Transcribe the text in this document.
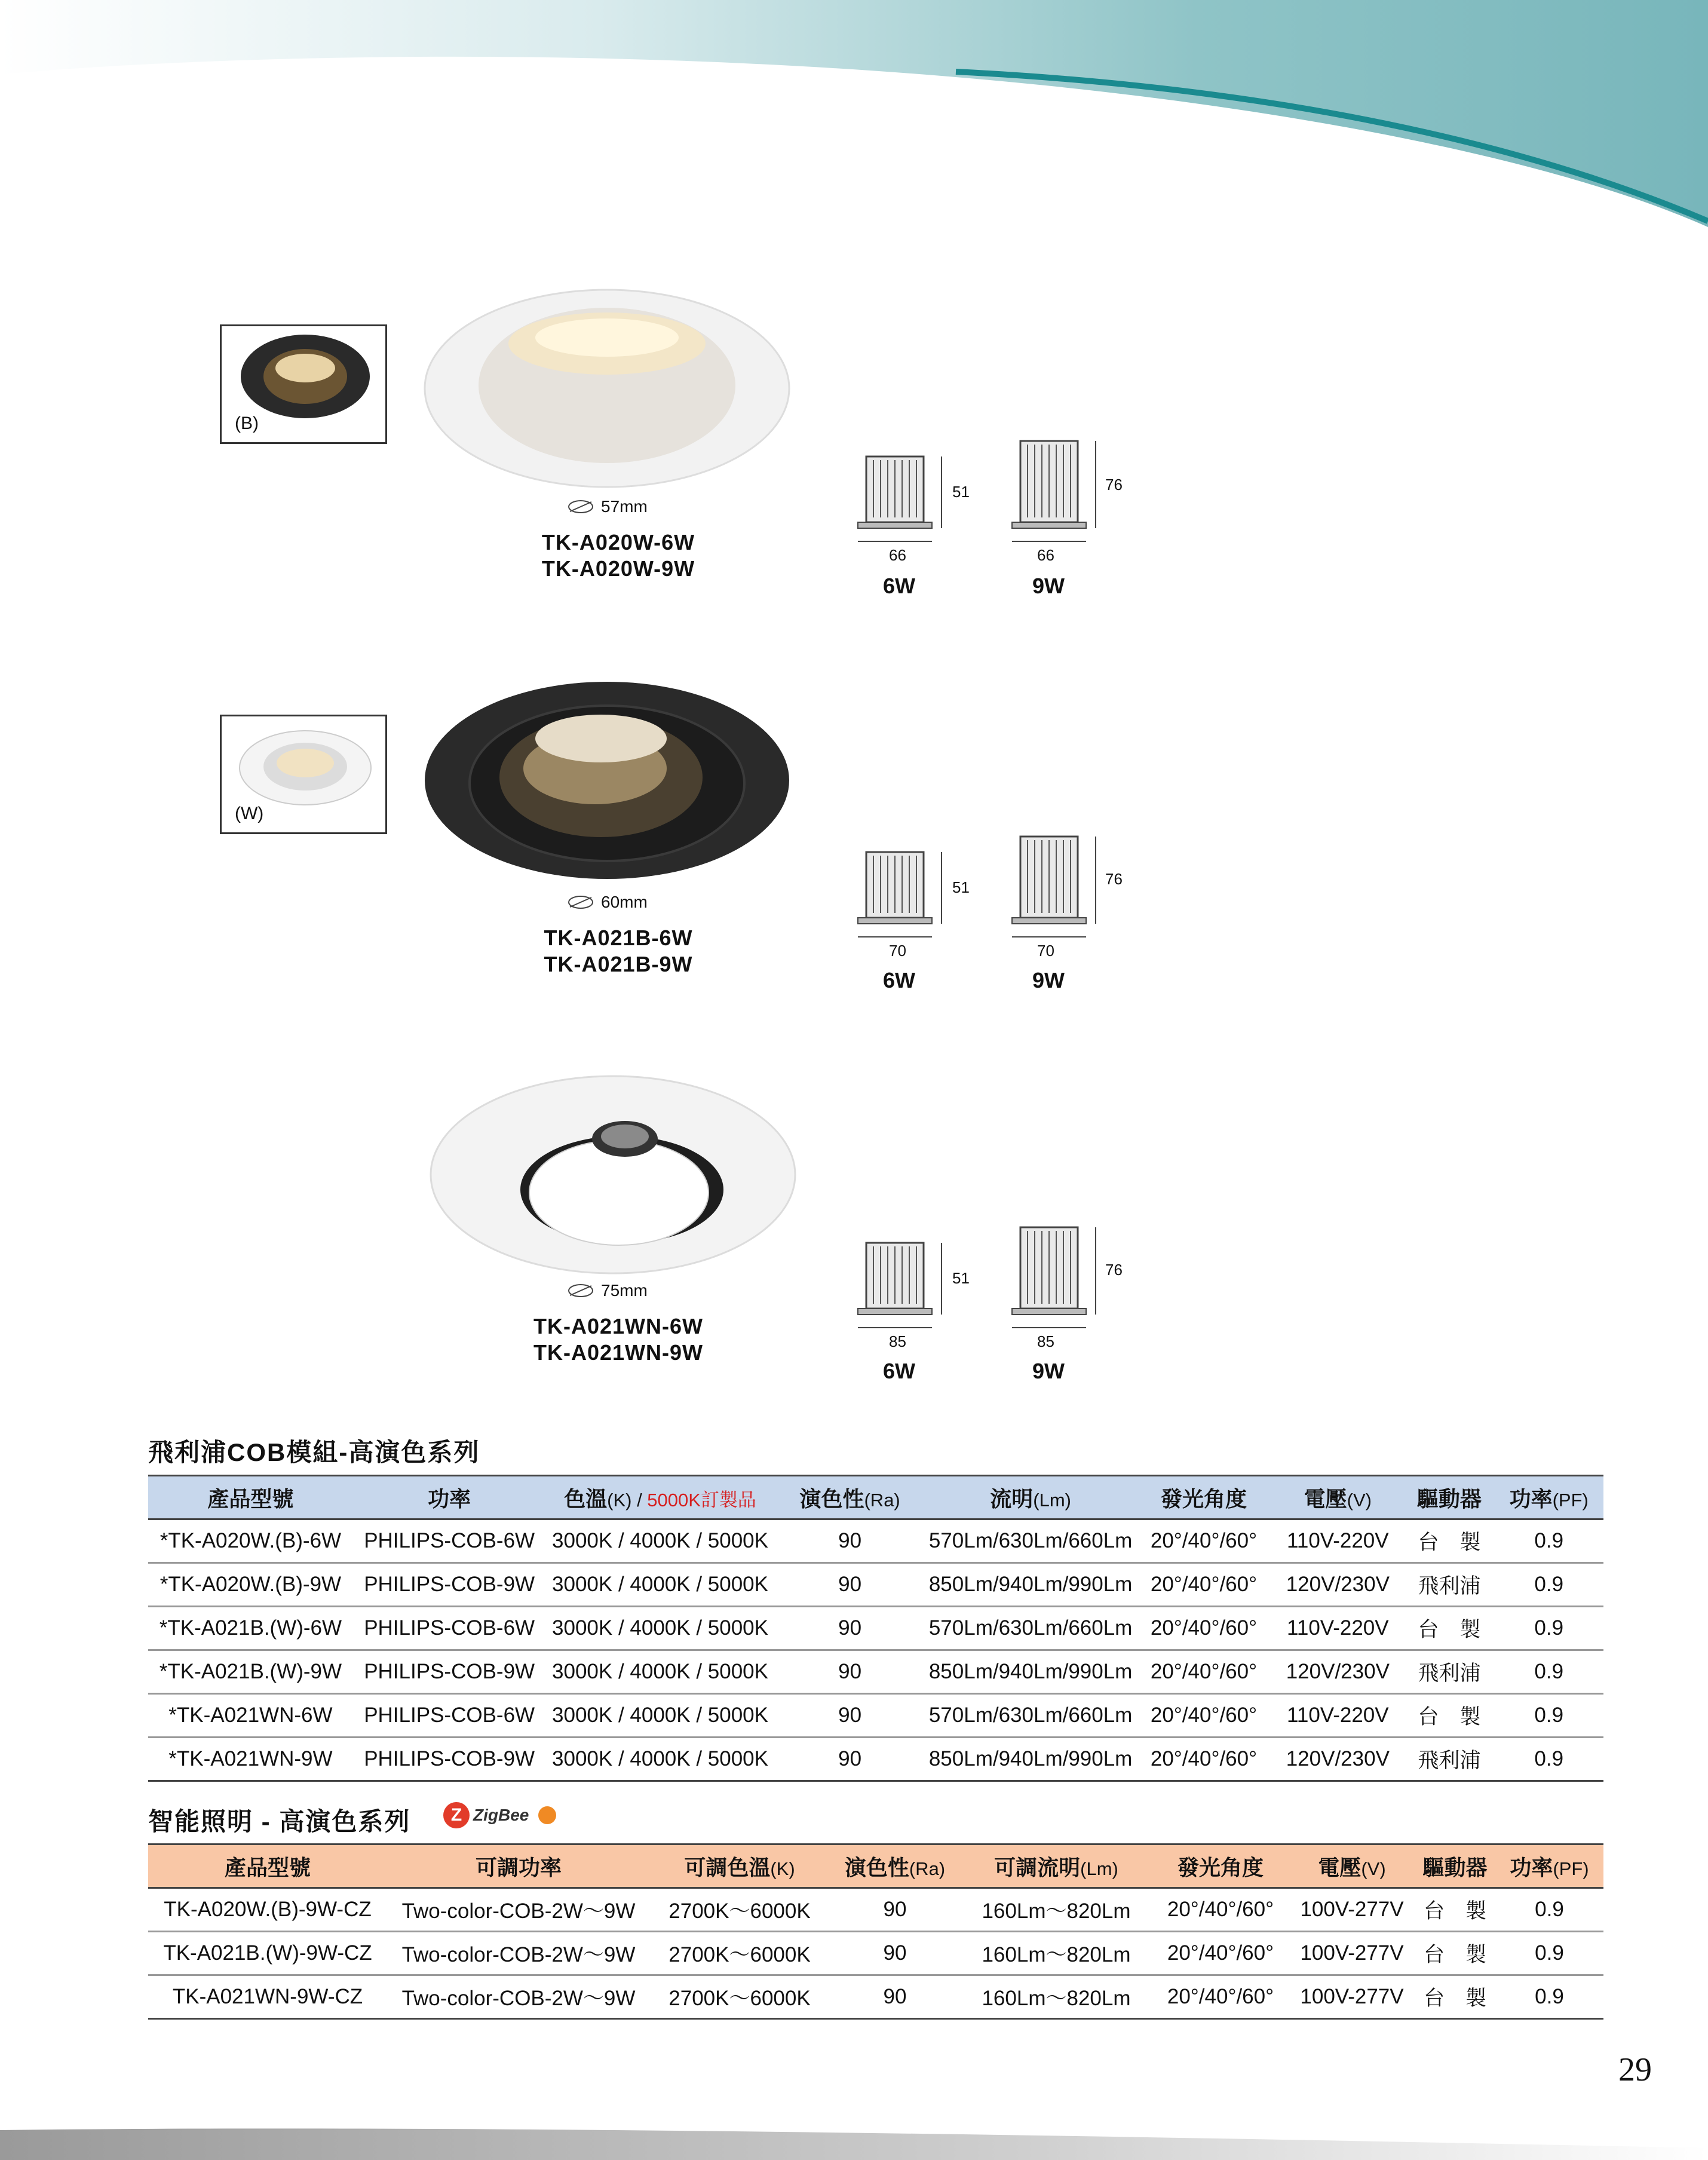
(B)
57mm
TK-A020W-6W
TK-A020W-9W
51
66
6W
76
66
9W
(W)
60mm
TK-A021B-6W
TK-A021B-9W
51
70
6W
76
70
9W
75mm
TK-A021WN-6W
TK-A021WN-9W
51
85
6W
76
85
9W
飛利浦COB模組-高演色系列
產品型號	功率	色溫(K) / 5000K訂製品	演色性(Ra)	流明(Lm)	發光角度	電壓(V)	驅動器	功率(PF)
*TK-A020W.(B)-6W	PHILIPS-COB-6W	3000K / 4000K / 5000K	90	570Lm/630Lm/660Lm	20°/40°/60°	110V-220V	台　製	0.9
*TK-A020W.(B)-9W	PHILIPS-COB-9W	3000K / 4000K / 5000K	90	850Lm/940Lm/990Lm	20°/40°/60°	120V/230V	飛利浦	0.9
*TK-A021B.(W)-6W	PHILIPS-COB-6W	3000K / 4000K / 5000K	90	570Lm/630Lm/660Lm	20°/40°/60°	110V-220V	台　製	0.9
*TK-A021B.(W)-9W	PHILIPS-COB-9W	3000K / 4000K / 5000K	90	850Lm/940Lm/990Lm	20°/40°/60°	120V/230V	飛利浦	0.9
*TK-A021WN-6W	PHILIPS-COB-6W	3000K / 4000K / 5000K	90	570Lm/630Lm/660Lm	20°/40°/60°	110V-220V	台　製	0.9
*TK-A021WN-9W	PHILIPS-COB-9W	3000K / 4000K / 5000K	90	850Lm/940Lm/990Lm	20°/40°/60°	120V/230V	飛利浦	0.9
智能照明 - 高演色系列	Z ZigBee
產品型號	可調功率	可調色溫(K)	演色性(Ra)	可調流明(Lm)	發光角度	電壓(V)	驅動器	功率(PF)
TK-A020W.(B)-9W-CZ	Two-color-COB-2W～9W	2700K～6000K	90	160Lm～820Lm	20°/40°/60°	100V-277V	台　製	0.9
TK-A021B.(W)-9W-CZ	Two-color-COB-2W～9W	2700K～6000K	90	160Lm～820Lm	20°/40°/60°	100V-277V	台　製	0.9
TK-A021WN-9W-CZ	Two-color-COB-2W～9W	2700K～6000K	90	160Lm～820Lm	20°/40°/60°	100V-277V	台　製	0.9
29
